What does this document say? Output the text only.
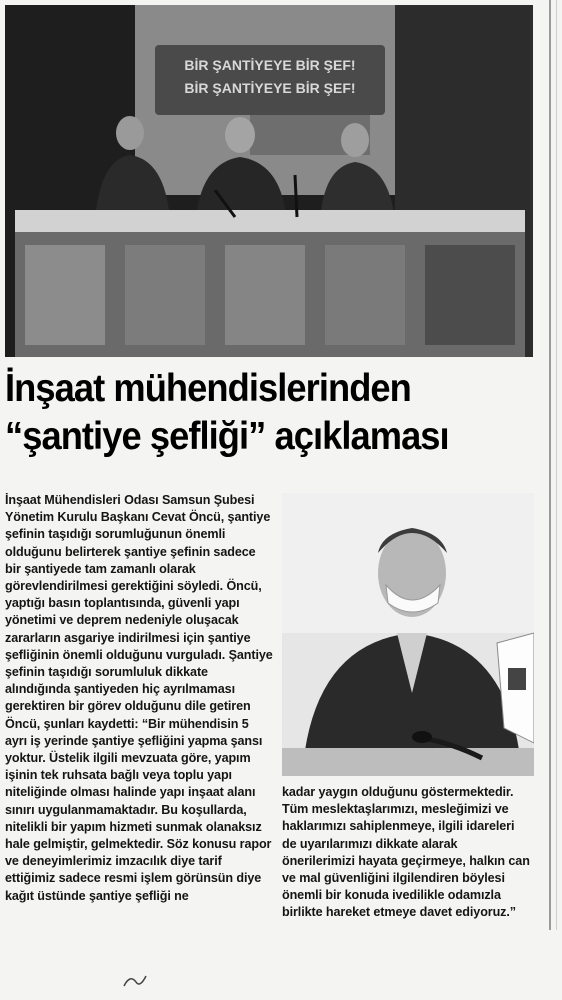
BİR ŞANTİYEYE BİR ŞEF!
BİR ŞANTİYEYE BİR ŞEF!
İnşaat mühendislerinden
“şantiye şefliği” açıklaması

İnşaat Mühendisleri Odası Samsun Şubesi Yönetim Kurulu Başkanı Cevat Öncü, şantiye şefinin taşıdığı sorumluğunun önemli olduğunu belirterek şantiye şefinin sadece bir şantiyede tam zamanlı olarak görevlendirilmesi gerektiğini söyledi. Öncü, yaptığı basın toplantısında, güvenli yapı yönetimi ve deprem nedeniyle oluşacak zararların asgariye indirilmesi için şantiye şefliğinin önemli olduğunu vurguladı. Şantiye şefinin taşıdığı sorumluluk dikkate alındığında şantiyeden hiç ayrılmaması gerektiren bir görev olduğunu dile getiren Öncü, şunları kaydetti: “Bir mühendisin 5 ayrı iş yerinde şantiye şefliğini yapma şansı yoktur. Üstelik ilgili mevzuata göre, yapım işinin tek ruhsata bağlı veya toplu yapı niteliğinde olması halinde yapı inşaat alanı sınırı uygulanmamaktadır. Bu koşullarda, nitelikli bir yapım hizmeti sunmak olanaksız hale gelmiştir, gelmektedir. Söz konusu rapor ve deneyimlerimiz imzacılık diye tarif ettiğimiz sadece resmi işlem görünsün diye kağıt üstünde şantiye şefliği ne

kadar yaygın olduğunu göstermektedir. Tüm meslektaşlarımızı, mesleğimizi ve haklarımızı sahiplenmeye, ilgili idareleri de uyarılarımızı dikkate alarak önerilerimizi hayata geçirmeye, halkın can ve mal güvenliğini ilgilendiren böylesi önemli bir konuda ivedilikle odamızla birlikte hareket etmeye davet ediyoruz.”
